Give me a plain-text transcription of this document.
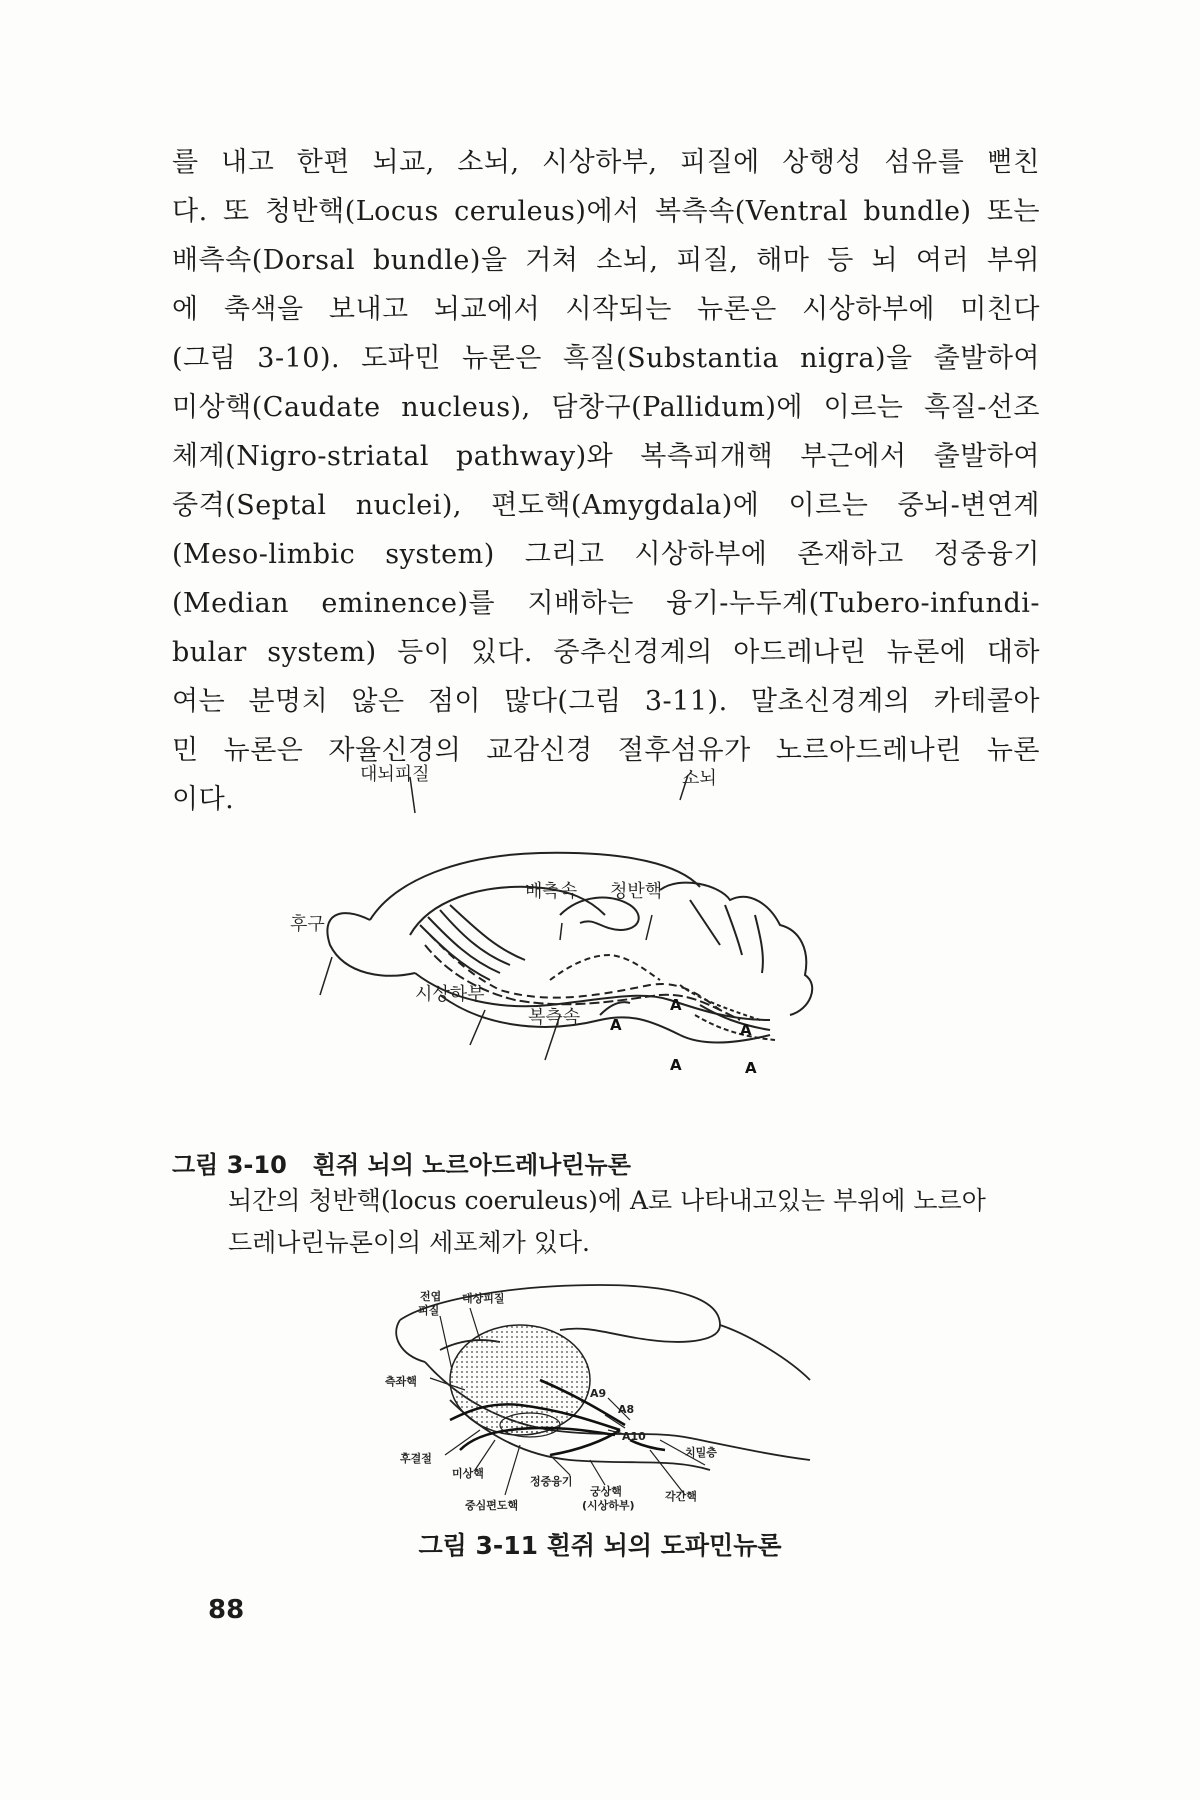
를 내고 한편 뇌교, 소뇌, 시상하부, 피질에 상행성 섬유를 뻗친
다. 또 청반핵(Locus ceruleus)에서 복측속(Ventral bundle) 또는
배측속(Dorsal bundle)을 거쳐 소뇌, 피질, 해마 등 뇌 여러 부위
에 축색을 보내고 뇌교에서 시작되는 뉴론은 시상하부에 미친다
(그림 3-10). 도파민 뉴론은 흑질(Substantia nigra)을 출발하여
미상핵(Caudate nucleus), 담창구(Pallidum)에 이르는 흑질-선조
체계(Nigro-striatal pathway)와 복측피개핵 부근에서 출발하여
중격(Septal nuclei), 편도핵(Amygdala)에 이르는 중뇌-변연계
(Meso-limbic system) 그리고 시상하부에 존재하고 정중융기
(Median eminence)를 지배하는 융기-누두계(Tubero-infundi-
bular system) 등이 있다. 중추신경계의 아드레나린 뉴론에 대하
여는 분명치 않은 점이 많다(그림 3-11). 말초신경계의 카테콜아
민 뉴론은 자율신경의 교감신경 절후섬유가 노르아드레나린 뉴론
이다.
A
A
A
A	A
대뇌피질	소뇌
배측속 청반핵
후구
시상하부
복측속
그림 3-10 흰쥐 뇌의 노르아드레나린뉴론
뇌간의 청반핵(locus coeruleus)에 A로 나타내고있는 부위에 노르아
드레나린뉴론이의 세포체가 있다.
전엽
피질
대상피질
측좌핵
A9
A8
A10
후결절
미상핵
정중융기
궁상핵
(시상하부)
중심편도핵
치밀층
각간핵
그림 3-11 흰쥐 뇌의 도파민뉴론
88
